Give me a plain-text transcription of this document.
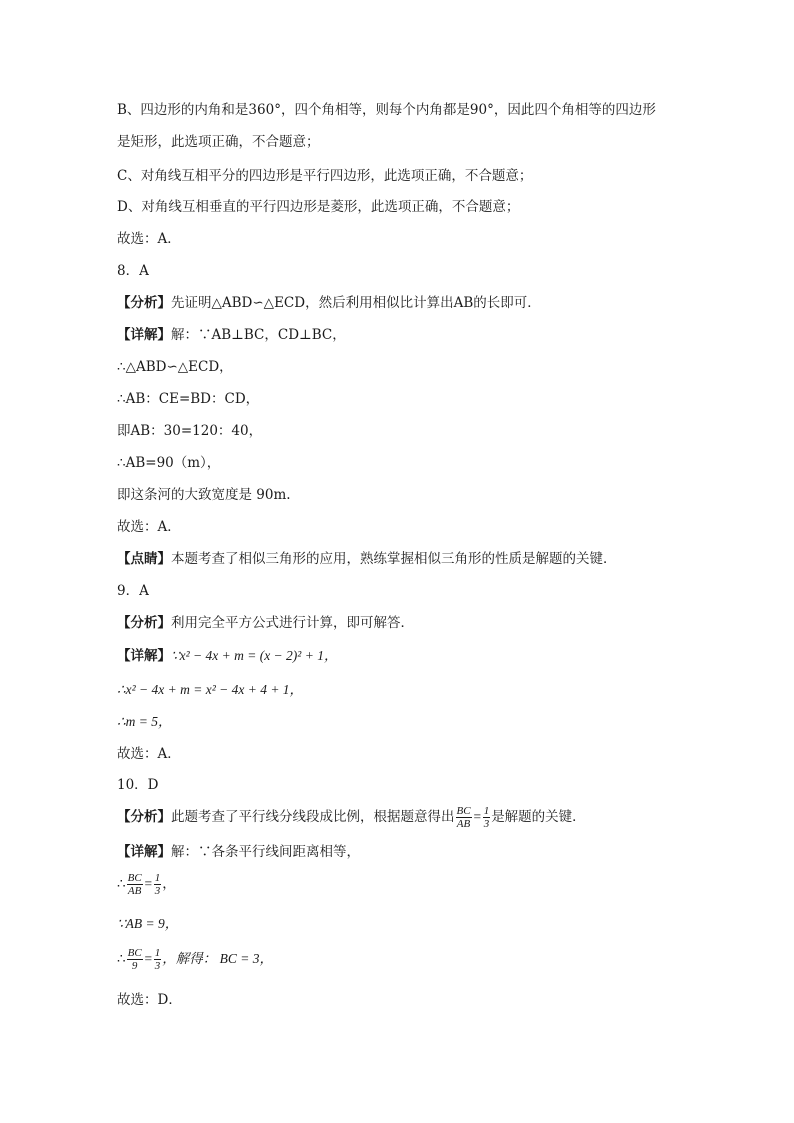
B、四边形的内角和是360°，四个角相等，则每个内角都是90°，因此四个角相等的四边形
是矩形，此选项正确，不合题意；
C、对角线互相平分的四边形是平行四边形，此选项正确，不合题意；
D、对角线互相垂直的平行四边形是菱形，此选项正确，不合题意；
故选：A．
8．A
【分析】先证明△ABD∽△ECD，然后利用相似比计算出AB的长即可．
【详解】解：∵AB⊥BC，CD⊥BC，
∴△ABD∽△ECD，
∴AB：CE=BD：CD，
即AB：30=120：40，
∴AB=90（m），
即这条河的大致宽度是 90m.
故选：A．
【点睛】本题考查了相似三角形的应用，熟练掌握相似三角形的性质是解题的关键．
9．A
【分析】利用完全平方公式进行计算，即可解答．
【详解】∵x² − 4x + m = (x − 2)² + 1，
∴x² − 4x + m = x² − 4x + 4 + 1，
∴m = 5，
故选：A．
10．D
【分析】此题考查了平行线分线段成比例，根据题意得出 $\frac{BC}{AB} = \frac{1}{3}$ 是解题的关键．
【详解】解：∵各条平行线间距离相等，
∴ $\frac{BC}{AB} = \frac{1}{3}$ ，
∵AB = 9，
∴ $\frac{BC}{9} = \frac{1}{3}$ ，解得： BC = 3，
故选：D．
